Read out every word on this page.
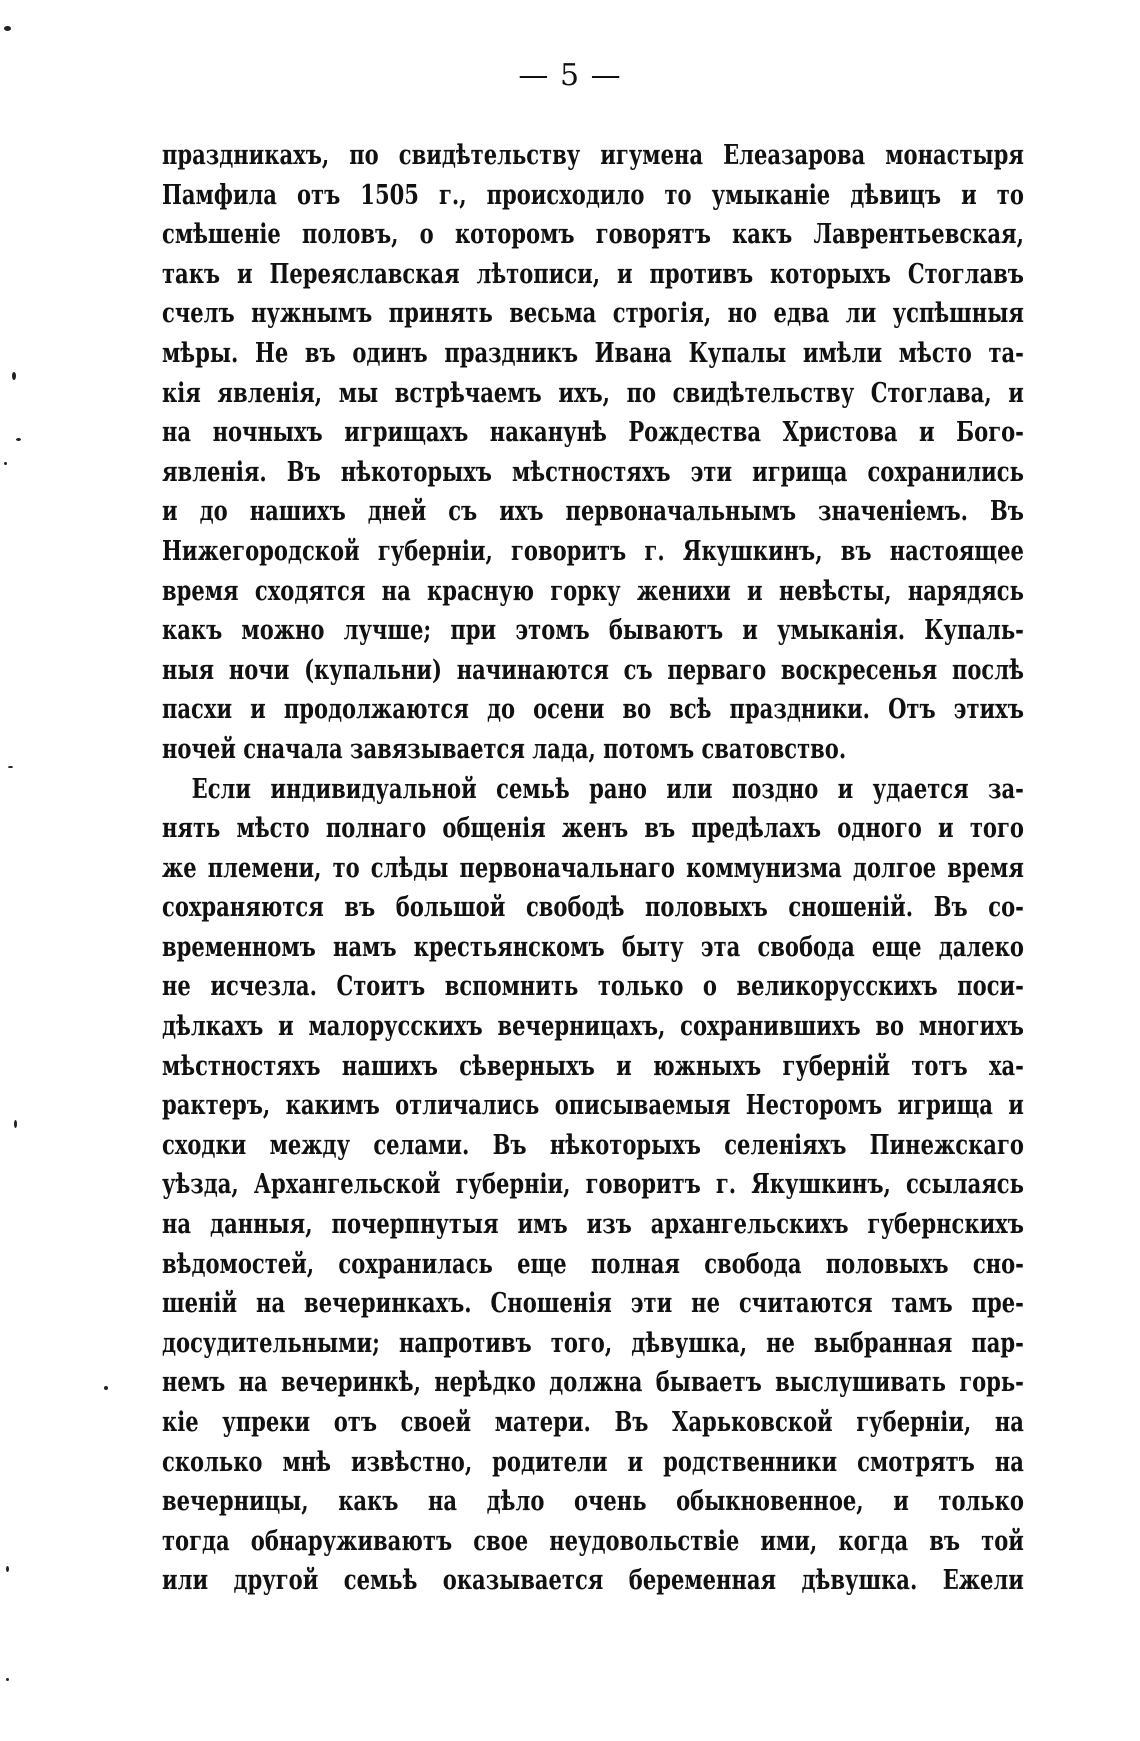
— 5 —
праздникахъ, по свидѣтельству игумена Елеазарова монастыря
Памфила отъ 1505 г., происходило то умыканіе дѣвицъ и то
смѣшеніе половъ, о которомъ говорятъ какъ Лаврентьевская,
такъ и Переяславская лѣтописи, и противъ которыхъ Стоглавъ
счелъ нужнымъ принять весьма строгія, но едва ли успѣшныя
мѣры. Не въ одинъ праздникъ Ивана Купалы имѣли мѣсто та-
кія явленія, мы встрѣчаемъ ихъ, по свидѣтельству Стоглава, и
на ночныхъ игрищахъ наканунѣ Рождества Христова и Бого-
явленія. Въ нѣкоторыхъ мѣстностяхъ эти игрища сохранились
и до нашихъ дней съ ихъ первоначальнымъ значеніемъ. Въ
Нижегородской губерніи, говоритъ г. Якушкинъ, въ настоящее
время сходятся на красную горку женихи и невѣсты, нарядясь
какъ можно лучше; при этомъ бываютъ и умыканія. Купаль-
ныя ночи (купальни) начинаются съ перваго воскресенья послѣ
пасхи и продолжаются до осени во всѣ праздники. Отъ этихъ
ночей сначала завязывается лада, потомъ сватовство.
Если индивидуальной семьѣ рано или поздно и удается за-
нять мѣсто полнаго общенія женъ въ предѣлахъ одного и того
же племени, то слѣды первоначальнаго коммунизма долгое время
сохраняются въ большой свободѣ половыхъ сношеній. Въ со-
временномъ намъ крестьянскомъ быту эта свобода еще далеко
не исчезла. Стоитъ вспомнить только о великорусскихъ поси-
дѣлкахъ и малорусскихъ вечерницахъ, сохранившихъ во многихъ
мѣстностяхъ нашихъ сѣверныхъ и южныхъ губерній тотъ ха-
рактеръ, какимъ отличались описываемыя Несторомъ игрища и
сходки между селами. Въ нѣкоторыхъ селеніяхъ Пинежскаго
уѣзда, Архангельской губерніи, говоритъ г. Якушкинъ, ссылаясь
на данныя, почерпнутыя имъ изъ архангельскихъ губернскихъ
вѣдомостей, сохранилась еще полная свобода половыхъ сно-
шеній на вечеринкахъ. Сношенія эти не считаются тамъ пре-
досудительными; напротивъ того, дѣвушка, не выбранная пар-
немъ на вечеринкѣ, нерѣдко должна бываетъ выслушивать горь-
кіе упреки отъ своей матери. Въ Харьковской губерніи, на
сколько мнѣ извѣстно, родители и родственники смотрятъ на
вечерницы, какъ на дѣло очень обыкновенное, и только
тогда обнаруживаютъ свое неудовольствіе ими, когда въ той
или другой семьѣ оказывается беременная дѣвушка. Ежели
